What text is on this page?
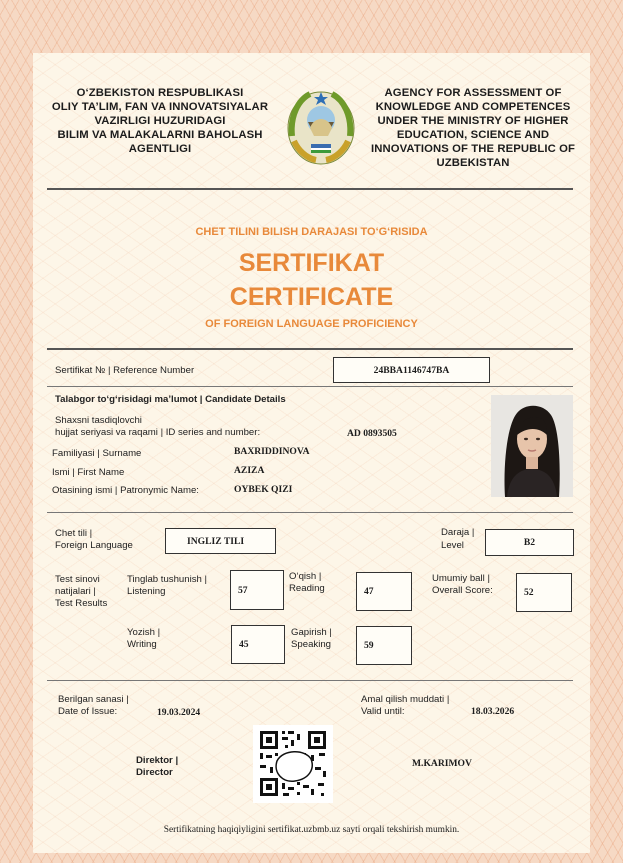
O‘ZBEKISTON RESPUBLIKASI
OLIY TA’LIM, FAN VA INNOVATSIYALAR
VAZIRLIGI HUZURIDAGI
BILIM VA MALAKALARNI BAHOLASH
AGENTLIGI
AGENCY FOR ASSESSMENT OF
KNOWLEDGE AND COMPETENCES
UNDER THE MINISTRY OF HIGHER
EDUCATION, SCIENCE AND
INNOVATIONS OF THE REPUBLIC OF
UZBEKISTAN
CHET TILINI BILISH DARAJASI TO‘G‘RISIDA
SERTIFIKAT
CERTIFICATE
OF FOREIGN LANGUAGE PROFICIENCY
Sertifikat № | Reference Number	24BBA1146747BA
Talabgor to‘g‘risidagi ma’lumot | Candidate Details
Shaxsni tasdiqlovchi
hujjat seriyasi va raqami | ID series and number:	AD 0893505
Familiyasi | Surname	BAXRIDDINOVA
Ismi | First Name	AZIZA
Otasining ismi | Patronymic Name:	OYBEK QIZI
Chet tili |
Foreign Language	INGLIZ TILI
Daraja |
Level	B2
Test sinovi
natijalari |
Test Results
Tinglab tushunish |
Listening	57
O‘qish |
Reading	47
Umumiy ball |
Overall Score:	52
Yozish |
Writing	45
Gapirish |
Speaking	59
Berilgan sanasi |
Date of Issue:	19.03.2024
Amal qilish muddati |
Valid until:	18.03.2026
Direktor |
Director
M.KARIMOV
Sertifikatning haqiqiyligini sertifikat.uzbmb.uz sayti orqali tekshirish mumkin.
